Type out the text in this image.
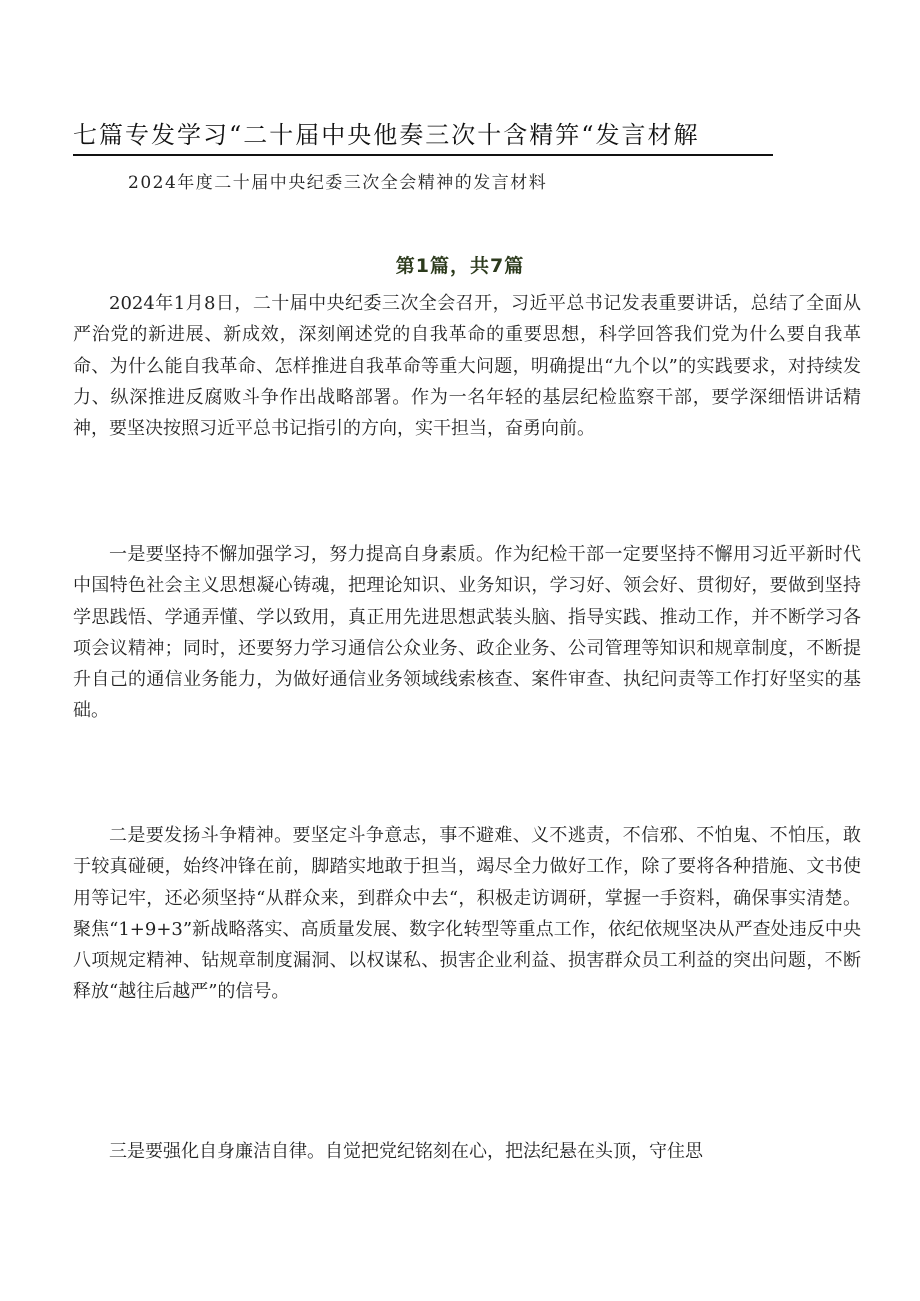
七篇专发学习“二十届中央他奏三次十含精笄“发言材解
2024年度二十届中央纪委三次全会精神的发言材料
第1篇，共7篇

2024年1月8日，二十届中央纪委三次全会召开，习近平总书记发表重要讲话，总结了全面从严治党的新进展、新成效，深刻阐述党的自我革命的重要思想，科学回答我们党为什么要自我革命、为什么能自我革命、怎样推进自我革命等重大问题，明确提出“九个以”的实践要求，对持续发力、纵深推进反腐败斗争作出战略部署。作为一名年轻的基层纪检监察干部，要学深细悟讲话精神，要坚决按照习近平总书记指引的方向，实干担当，奋勇向前。

一是要坚持不懈加强学习，努力提高自身素质。作为纪检干部一定要坚持不懈用习近平新时代中国特色社会主义思想凝心铸魂，把理论知识、业务知识，学习好、领会好、贯彻好，要做到坚持学思践悟、学通弄懂、学以致用，真正用先进思想武装头脑、指导实践、推动工作，并不断学习各项会议精神；同时，还要努力学习通信公众业务、政企业务、公司管理等知识和规章制度，不断提升自己的通信业务能力，为做好通信业务领域线索核查、案件审查、执纪问责等工作打好坚实的基础。

二是要发扬斗争精神。要坚定斗争意志，事不避难、义不逃责，不信邪、不怕鬼、不怕压，敢于较真碰硬，始终冲锋在前，脚踏实地敢于担当，竭尽全力做好工作，除了要将各种措施、文书使用等记牢，还必须坚持“从群众来，到群众中去“，积极走访调研，掌握一手资料，确保事实清楚。聚焦“1+9+3”新战略落实、高质量发展、数字化转型等重点工作，依纪依规坚决从严查处违反中央八项规定精神、钻规章制度漏洞、以权谋私、损害企业利益、损害群众员工利益的突出问题，不断释放“越往后越严”的信号。

三是要强化自身廉洁自律。自觉把党纪铭刻在心，把法纪悬在头顶，守住思
